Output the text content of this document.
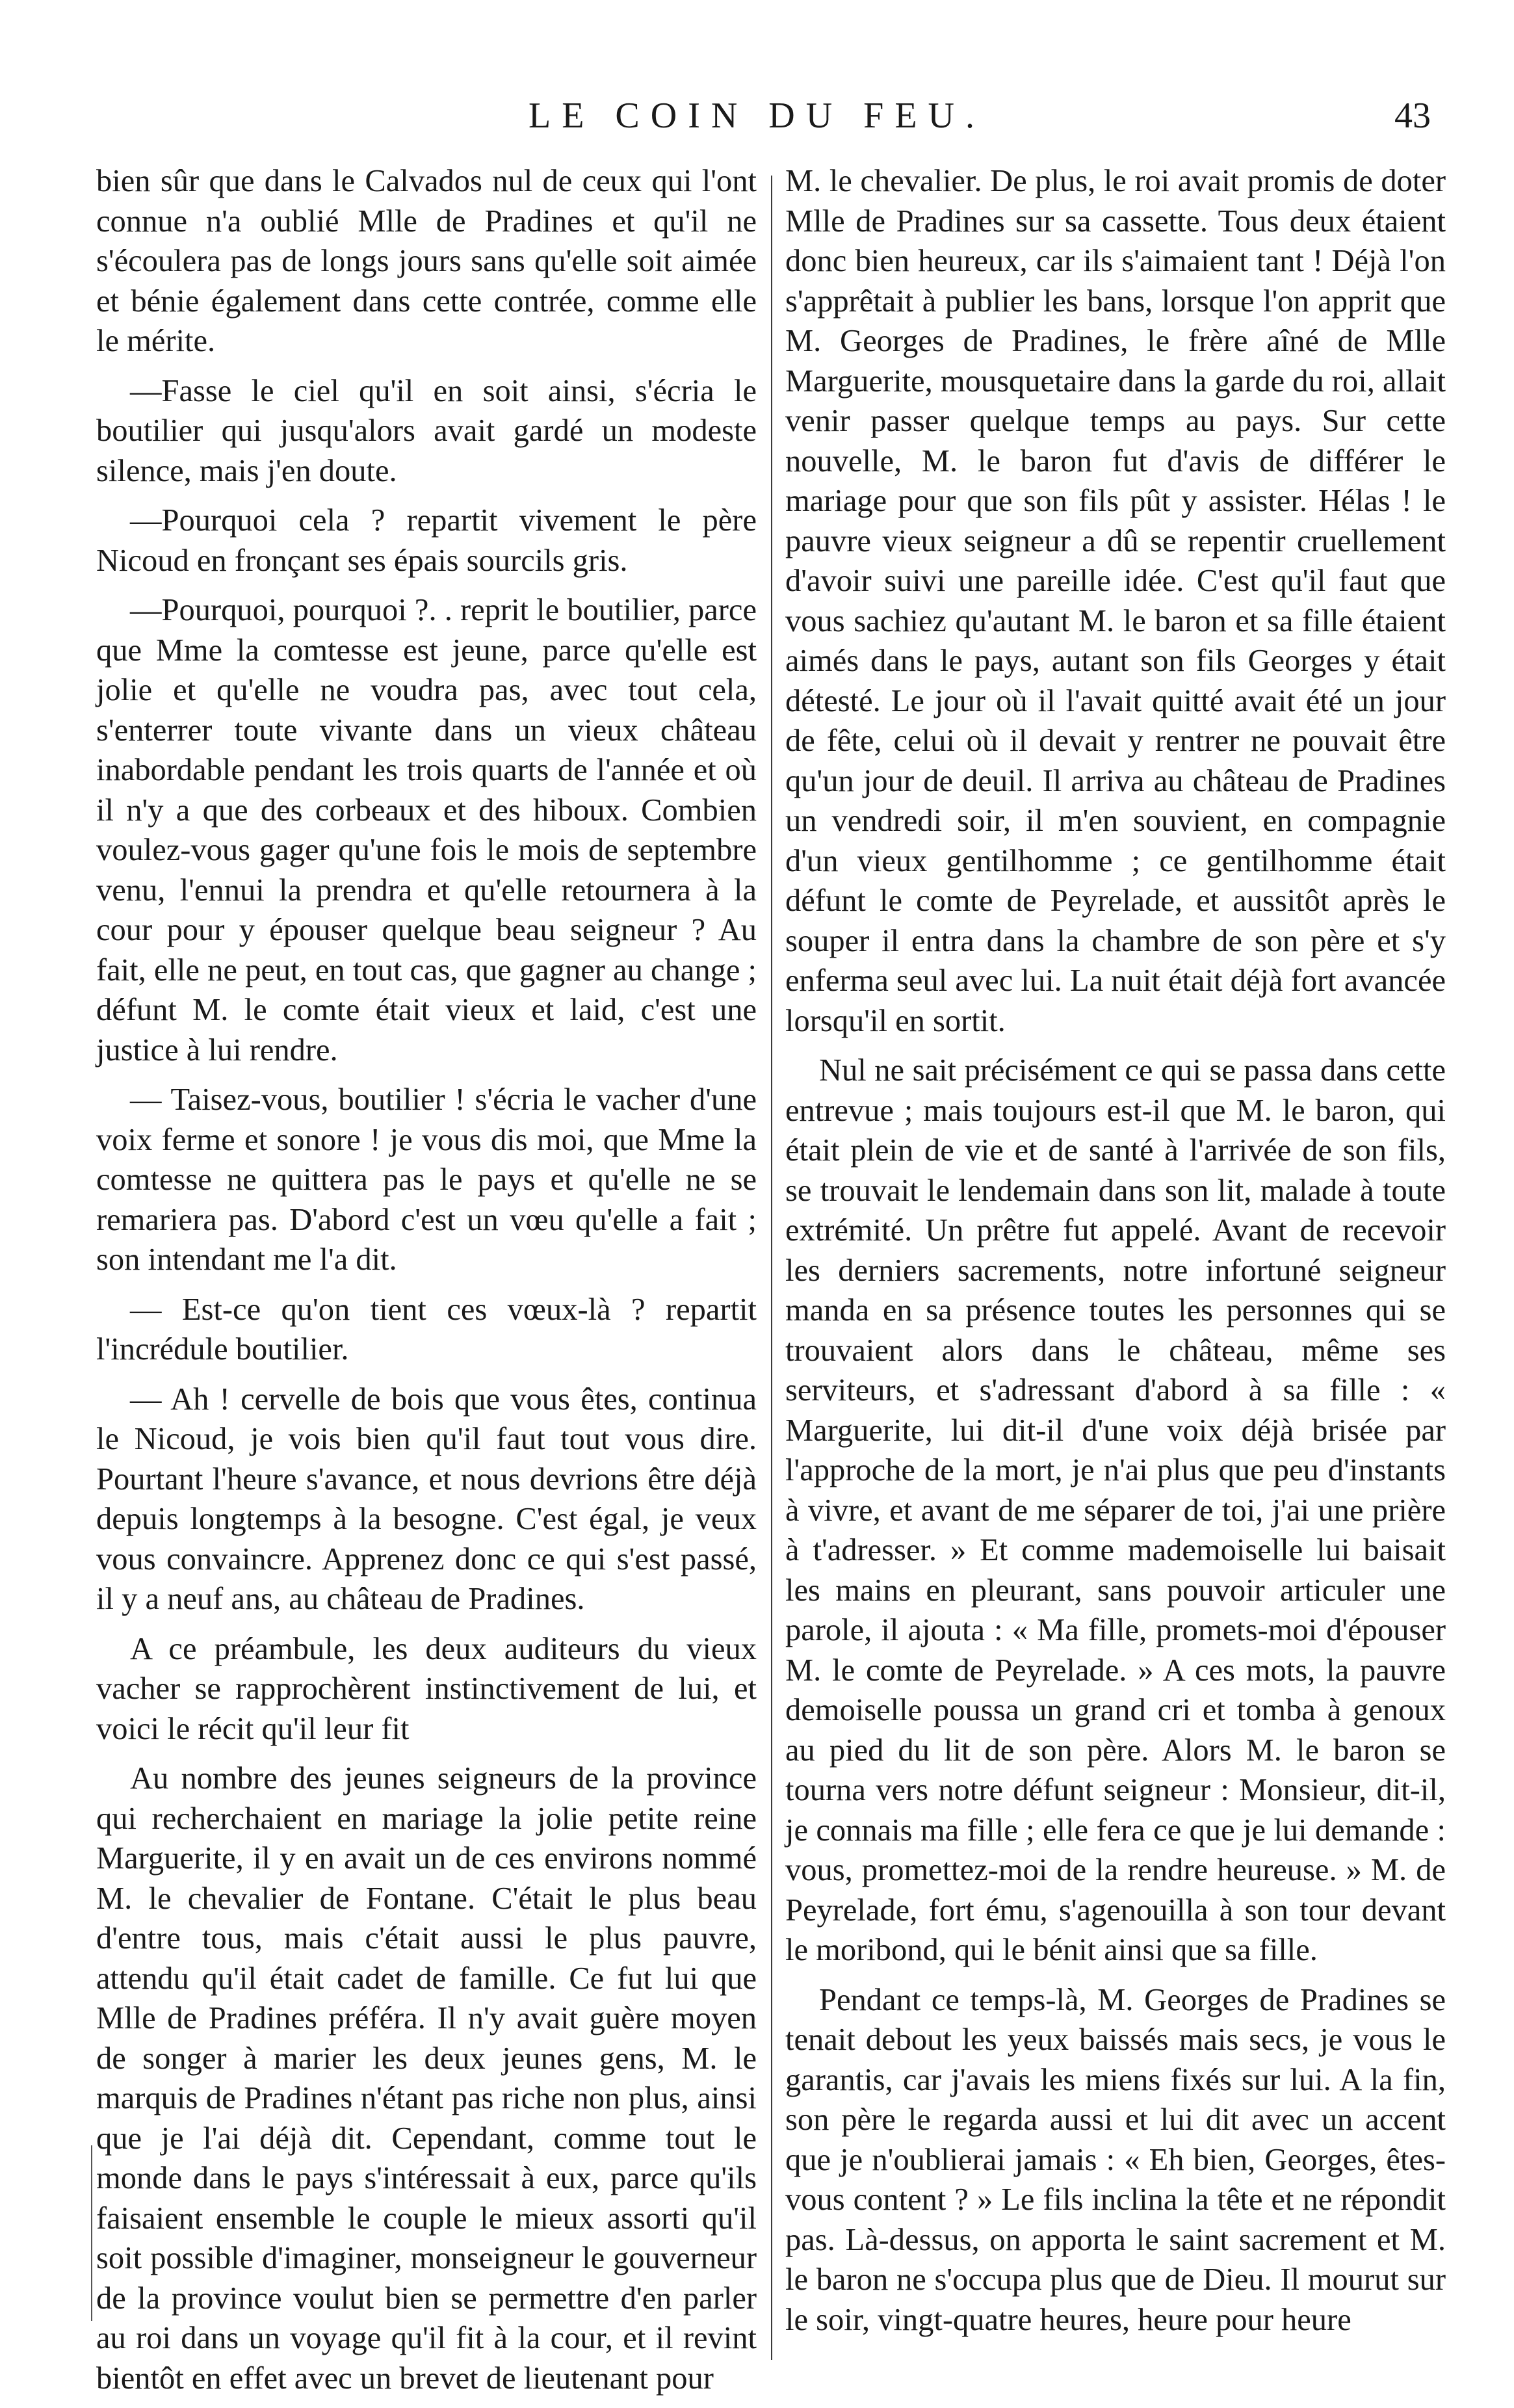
LE COIN DU FEU.	43

bien sûr que dans le Calvados nul de ceux qui l'ont connue n'a oublié Mlle de Pradines et qu'il ne s'écoulera pas de longs jours sans qu'elle soit aimée et bénie également dans cette contrée, comme elle le mérite.

—Fasse le ciel qu'il en soit ainsi, s'écria le boutilier qui jusqu'alors avait gardé un modeste silence, mais j'en doute.

—Pourquoi cela ? repartit vivement le père Nicoud en fronçant ses épais sourcils gris.

—Pourquoi, pourquoi ?. . reprit le boutilier, parce que Mme la comtesse est jeune, parce qu'elle est jolie et qu'elle ne voudra pas, avec tout cela, s'enterrer toute vivante dans un vieux château inabordable pendant les trois quarts de l'année et où il n'y a que des corbeaux et des hiboux. Combien voulez-vous gager qu'une fois le mois de septembre venu, l'ennui la prendra et qu'elle retournera à la cour pour y épouser quelque beau seigneur ? Au fait, elle ne peut, en tout cas, que gagner au change ; défunt M. le comte était vieux et laid, c'est une justice à lui rendre.

— Taisez-vous, boutilier ! s'écria le vacher d'une voix ferme et sonore ! je vous dis moi, que Mme la comtesse ne quittera pas le pays et qu'elle ne se remariera pas. D'abord c'est un vœu qu'elle a fait ; son intendant me l'a dit.

— Est-ce qu'on tient ces vœux-là ? repartit l'incrédule boutilier.

— Ah ! cervelle de bois que vous êtes, continua le Nicoud, je vois bien qu'il faut tout vous dire. Pourtant l'heure s'avance, et nous devrions être déjà depuis longtemps à la besogne. C'est égal, je veux vous convaincre. Apprenez donc ce qui s'est passé, il y a neuf ans, au château de Pradines.

A ce préambule, les deux auditeurs du vieux vacher se rapprochèrent instinctivement de lui, et voici le récit qu'il leur fit

Au nombre des jeunes seigneurs de la province qui recherchaient en mariage la jolie petite reine Marguerite, il y en avait un de ces environs nommé M. le chevalier de Fontane. C'était le plus beau d'entre tous, mais c'était aussi le plus pauvre, attendu qu'il était cadet de famille. Ce fut lui que Mlle de Pradines préféra. Il n'y avait guère moyen de songer à marier les deux jeunes gens, M. le marquis de Pradines n'étant pas riche non plus, ainsi que je l'ai déjà dit. Cependant, comme tout le monde dans le pays s'intéressait à eux, parce qu'ils faisaient ensemble le couple le mieux assorti qu'il soit possible d'imaginer, monseigneur le gouverneur de la province voulut bien se permettre d'en parler au roi dans un voyage qu'il fit à la cour, et il revint bientôt en effet avec un brevet de lieutenant pour

M. le chevalier. De plus, le roi avait promis de doter Mlle de Pradines sur sa cassette. Tous deux étaient donc bien heureux, car ils s'aimaient tant ! Déjà l'on s'apprêtait à publier les bans, lorsque l'on apprit que M. Georges de Pradines, le frère aîné de Mlle Marguerite, mousquetaire dans la garde du roi, allait venir passer quelque temps au pays. Sur cette nouvelle, M. le baron fut d'avis de différer le mariage pour que son fils pût y assister. Hélas ! le pauvre vieux seigneur a dû se repentir cruellement d'avoir suivi une pareille idée. C'est qu'il faut que vous sachiez qu'autant M. le baron et sa fille étaient aimés dans le pays, autant son fils Georges y était détesté. Le jour où il l'avait quitté avait été un jour de fête, celui où il devait y rentrer ne pouvait être qu'un jour de deuil. Il arriva au château de Pradines un vendredi soir, il m'en souvient, en compagnie d'un vieux gentilhomme ; ce gentilhomme était défunt le comte de Peyrelade, et aussitôt après le souper il entra dans la chambre de son père et s'y enferma seul avec lui. La nuit était déjà fort avancée lorsqu'il en sortit.

Nul ne sait précisément ce qui se passa dans cette entrevue ; mais toujours est-il que M. le baron, qui était plein de vie et de santé à l'arrivée de son fils, se trouvait le lendemain dans son lit, malade à toute extrémité. Un prêtre fut appelé. Avant de recevoir les derniers sacrements, notre infortuné seigneur manda en sa présence toutes les personnes qui se trouvaient alors dans le château, même ses serviteurs, et s'adressant d'abord à sa fille : « Marguerite, lui dit-il d'une voix déjà brisée par l'approche de la mort, je n'ai plus que peu d'instants à vivre, et avant de me séparer de toi, j'ai une prière à t'adresser. » Et comme mademoiselle lui baisait les mains en pleurant, sans pouvoir articuler une parole, il ajouta : « Ma fille, promets-moi d'épouser M. le comte de Peyrelade. » A ces mots, la pauvre demoiselle poussa un grand cri et tomba à genoux au pied du lit de son père. Alors M. le baron se tourna vers notre défunt seigneur : Monsieur, dit-il, je connais ma fille ; elle fera ce que je lui demande : vous, promettez-moi de la rendre heureuse. » M. de Peyrelade, fort ému, s'agenouilla à son tour devant le moribond, qui le bénit ainsi que sa fille.

Pendant ce temps-là, M. Georges de Pradines se tenait debout les yeux baissés mais secs, je vous le garantis, car j'avais les miens fixés sur lui. A la fin, son père le regarda aussi et lui dit avec un accent que je n'oublierai jamais : « Eh bien, Georges, êtes-vous content ? » Le fils inclina la tête et ne répondit pas. Là-dessus, on apporta le saint sacrement et M. le baron ne s'occupa plus que de Dieu. Il mourut sur le soir, vingt-quatre heures, heure pour heure
